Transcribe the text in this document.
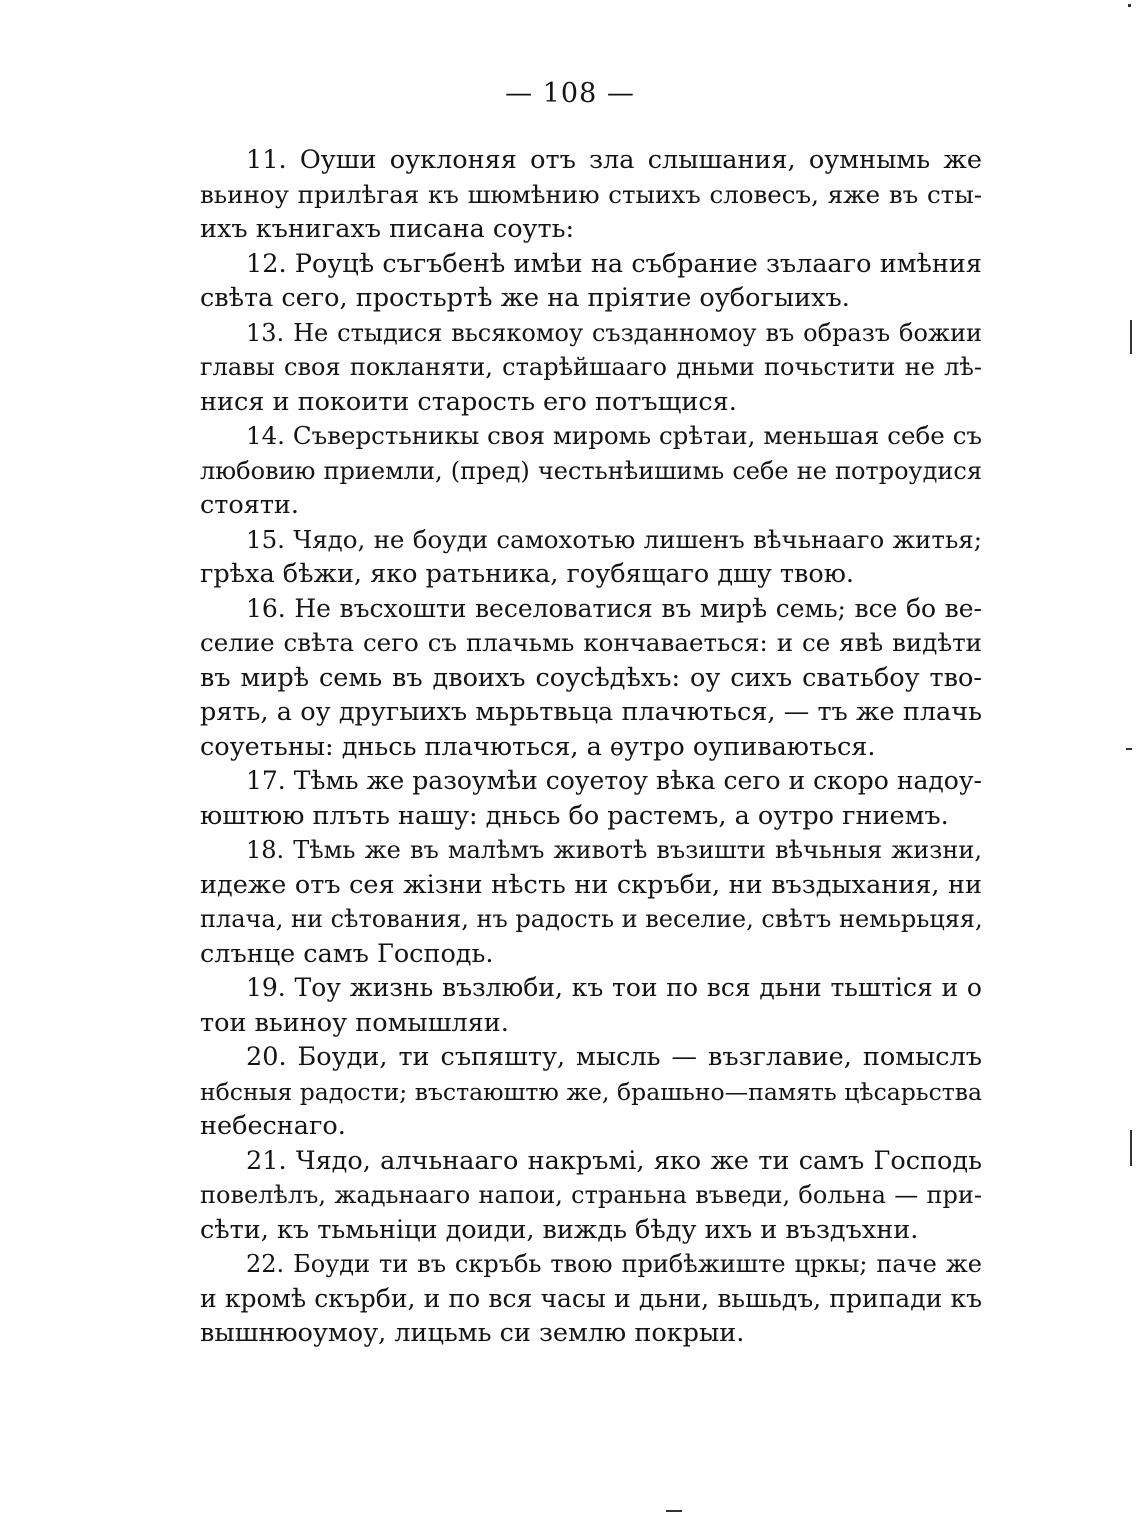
— 108 —
11. Оуши оуклоняя отъ зла слышания, оумнымь же
вьиноу прилѣгая къ шюмѣнию стыихъ словесъ, яже въ сты-
ихъ кънигахъ писана соуть:
12. Роуцѣ съгъбенѣ имѣи на събрание зълааго имѣния
свѣта сего, простьртѣ же на пріятие оубогыихъ.
13. Не стыдися вьсякомоу създанномоу въ образъ божии
главы своя покланяти, старѣйшаaго дньми почьстити не лѣ-
нися и покоити старость его потъщися.
14. Съверстьникы своя миромь срѣтаи, меньшая себе съ
любовию приемли, (пред) честьнѣишимь себе не потроудися
стояти.
15. Чядо, не боуди самохотью лишенъ вѣчьнаaго житья;
грѣха бѣжи, яко ратьника, гоубящаго дшу твою.
16. Не въсхошти веселоватися въ мирѣ семь; все бо ве-
селие свѣта сего съ плачьмь кончаваеться: и се явѣ видѣти
въ мирѣ семь въ двоихъ соусѣдѣхъ: оу сихъ сватьбоу тво-
рять, а оу другыихъ мьрьтвьца плачються, — тъ же плачь
соуетьны: дньсь плачються, а ѳутро оупиваються.
17. Тѣмь же разоумѣи соуетоу вѣка сего и скоро надоу-
юштюю плъть нашу: дньсь бо растемъ, а оутро гниемъ.
18. Тѣмь же въ малѣмъ животѣ възишти вѣчьныя жизни,
идеже отъ сея жізни нѣсть ни скръби, ни въздыхания, ни
плача, ни сѣтования, нъ радость и веселие, свѣтъ немьрьцяя,
слънце самъ Господь.
19. Тоу жизнь възлюби, къ тои по вся дьни тьштіся и о
тои вьиноу помышляи.
20. Боуди, ти съпяшту, мысль — възглавие, помыслъ
нбсныя радости; въстаюштю же, брашьно—память цѣсарьства
небеснаго.
21. Чядо, алчьнаaго накръмі, яко же ти самъ Господь
повелѣлъ, жадьнаaго напои, страньна въведи, больна — при-
сѣти, къ тьмьніци доиди, виждь бѣду ихъ и въздъхни.
22. Боуди ти въ скръбь твою прибѣжиште цркы; паче же
и кромѣ скърби, и по вся часы и дьни, вьшьдъ, припади къ
вышнюоумоу, лицьмь си землю покрыи.
